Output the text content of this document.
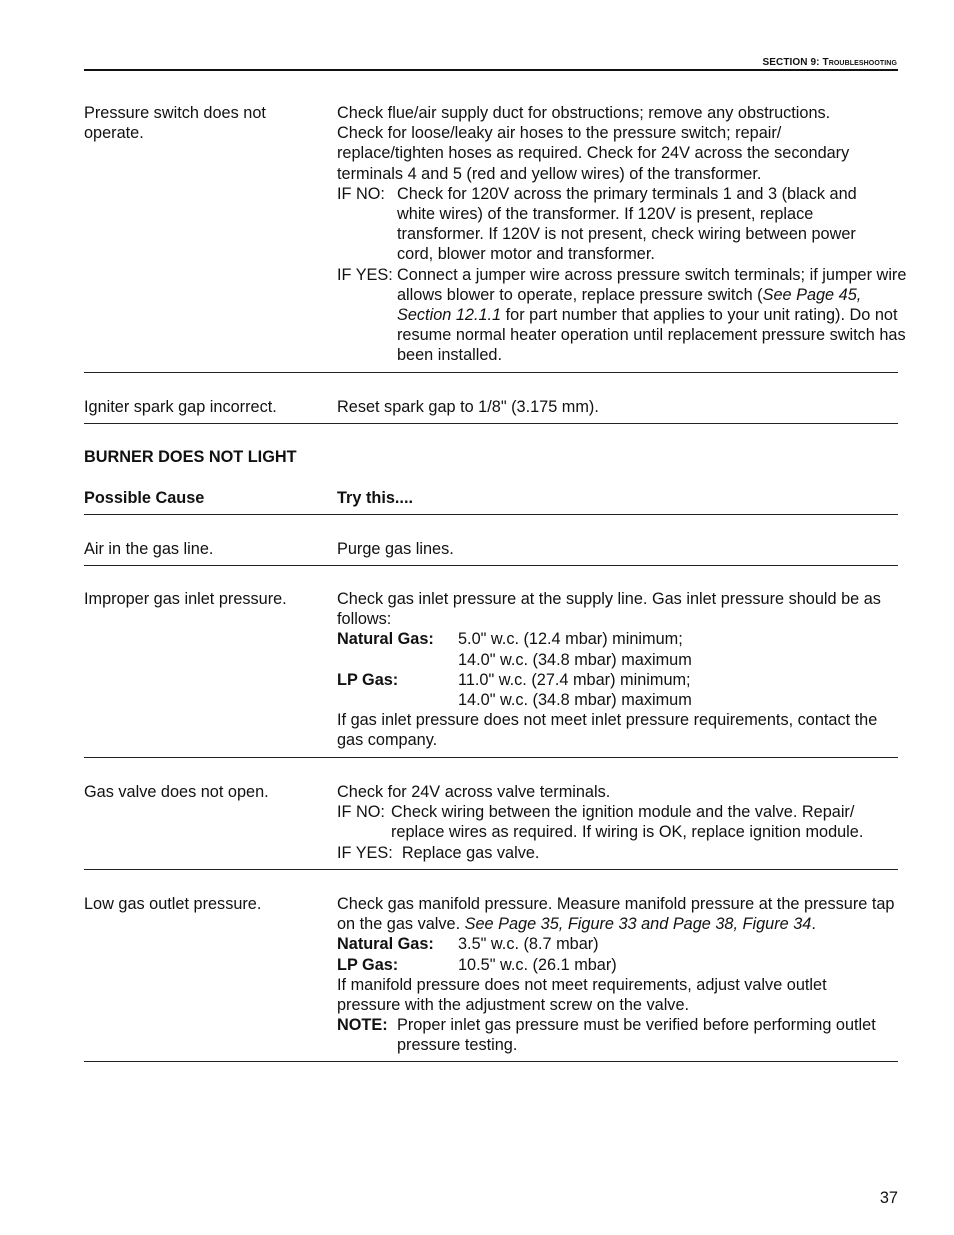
SECTION 9: Troubleshooting
Pressure switch does not operate.
Check flue/air supply duct for obstructions; remove any obstructions.
Check for loose/leaky air hoses to the pressure switch; repair/
replace/tighten hoses as required. Check for 24V across the secondary
terminals 4 and 5 (red and yellow wires) of the transformer.
IF NO: Check for 120V across the primary terminals 1 and 3 (black and white wires) of the transformer. If 120V is present, replace transformer. If 120V is not present, check wiring between power cord, blower motor and transformer.
IF YES: Connect a jumper wire across pressure switch terminals; if jumper wire allows blower to operate, replace pressure switch (See Page 45, Section 12.1.1 for part number that applies to your unit rating). Do not resume normal heater operation until replacement pressure switch has been installed.
Igniter spark gap incorrect.	Reset spark gap to 1/8" (3.175 mm).
BURNER DOES NOT LIGHT
Possible Cause	Try this....
Air in the gas line.	Purge gas lines.
Improper gas inlet pressure.	Check gas inlet pressure at the supply line. Gas inlet pressure should be as follows:
Natural Gas:	5.0" w.c. (12.4 mbar) minimum;
14.0" w.c. (34.8 mbar) maximum
LP Gas:	11.0" w.c. (27.4 mbar) minimum;
14.0" w.c. (34.8 mbar) maximum
If gas inlet pressure does not meet inlet pressure requirements, contact the gas company.
Gas valve does not open.	Check for 24V across valve terminals.
IF NO: Check wiring between the ignition module and the valve. Repair/ replace wires as required. If wiring is OK, replace ignition module.
IF YES:  Replace gas valve.
Low gas outlet pressure.	Check gas manifold pressure. Measure manifold pressure at the pressure tap on the gas valve. See Page 35, Figure 33 and Page 38, Figure 34.
Natural Gas:	3.5" w.c. (8.7 mbar)
LP Gas:	10.5" w.c. (26.1 mbar)
If manifold pressure does not meet requirements, adjust valve outlet pressure with the adjustment screw on the valve.
NOTE: Proper inlet gas pressure must be verified before performing outlet pressure testing.
37
